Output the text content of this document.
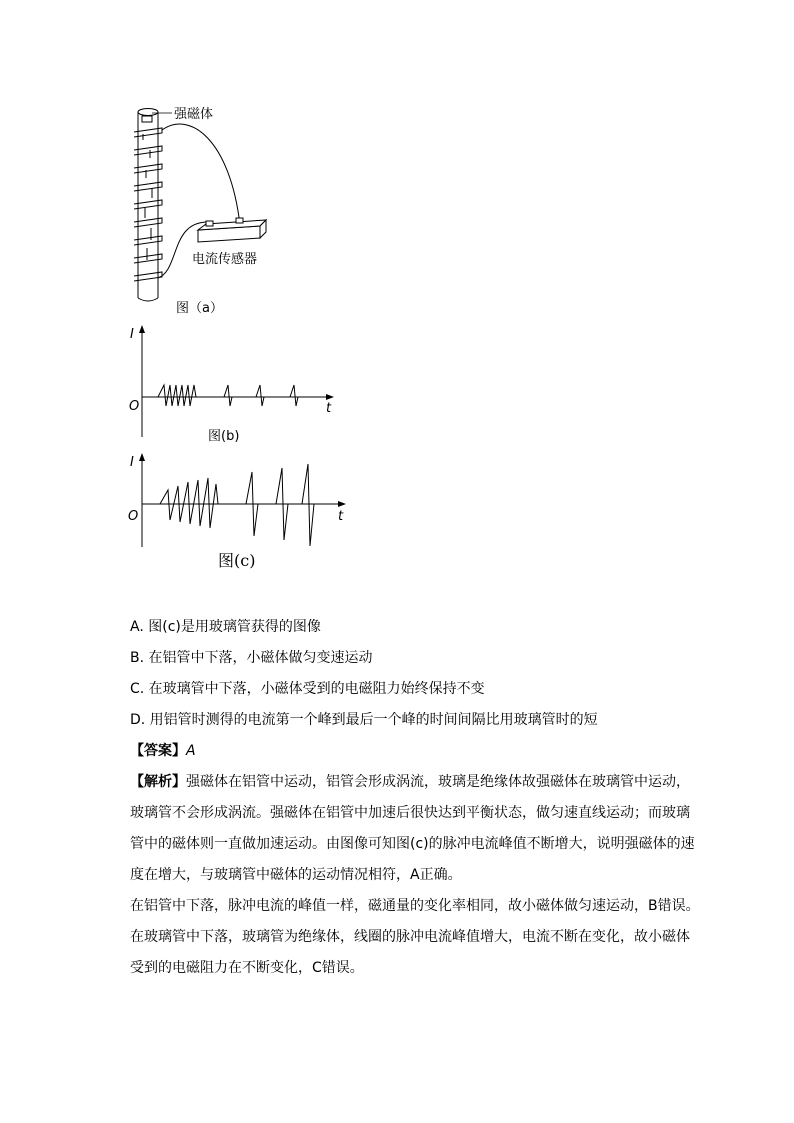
强磁体
电流传感器
图（a）
I
O	t
图(b)
I
O	t
图(c)
A. 图(c)是用玻璃管获得的图像
B. 在铝管中下落，小磁体做匀变速运动
C. 在玻璃管中下落，小磁体受到的电磁阻力始终保持不变
D. 用铝管时测得的电流第一个峰到最后一个峰的时间间隔比用玻璃管时的短
【答案】A
【解析】强磁体在铝管中运动，铝管会形成涡流，玻璃是绝缘体故强磁体在玻璃管中运动，
玻璃管不会形成涡流。强磁体在铝管中加速后很快达到平衡状态，做匀速直线运动；而玻璃
管中的磁体则一直做加速运动。由图像可知图(c)的脉冲电流峰值不断增大，说明强磁体的速
度在增大，与玻璃管中磁体的运动情况相符，A正确。
在铝管中下落，脉冲电流的峰值一样，磁通量的变化率相同，故小磁体做匀速运动，B错误。
在玻璃管中下落，玻璃管为绝缘体，线圈的脉冲电流峰值增大，电流不断在变化，故小磁体
受到的电磁阻力在不断变化，C错误。
